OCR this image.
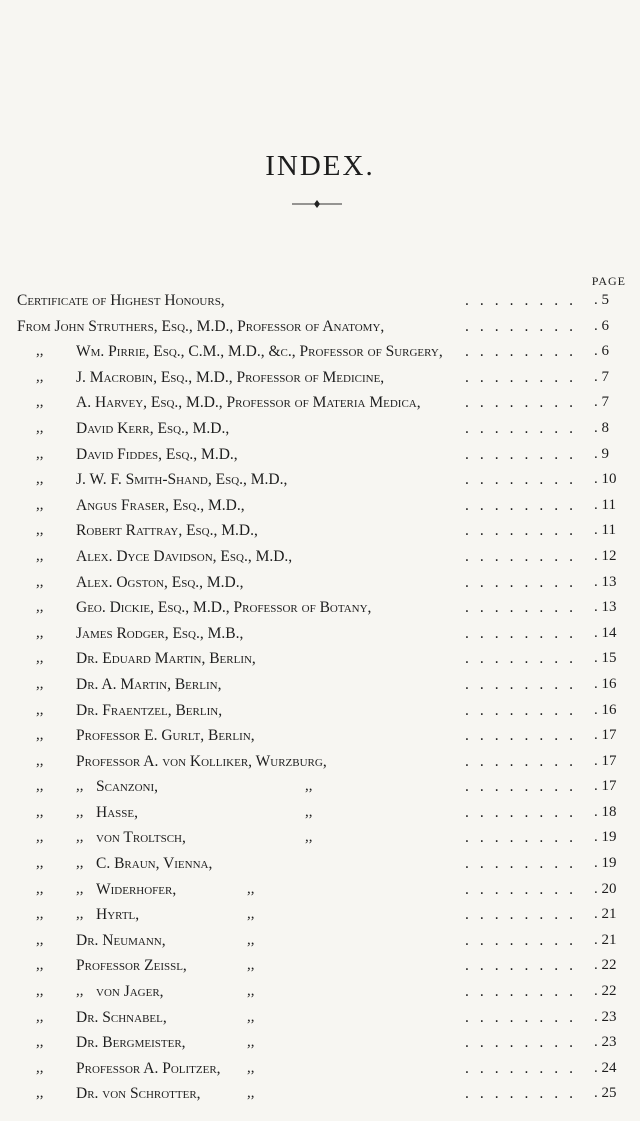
INDEX.
PAGE
Certificate of Highest Honours,	........ . 5
From John Struthers, Esq., M.D., Professor of Anatomy,	........ . 6
,, Wm. Pirrie, Esq., C.M., M.D., &c., Professor of Surgery, ........ . 6
,, J. Macrobin, Esq., M.D., Professor of Medicine,	........ . 7
,, A. Harvey, Esq., M.D., Professor of Materia Medica,	........ . 7
,, David Kerr, Esq., M.D.,	........ . 8
,, David Fiddes, Esq., M.D.,	........ . 9
,, J. W. F. Smith-Shand, Esq., M.D.,	........ . 10
,, Angus Fraser, Esq., M.D.,	........ . 11
,, Robert Rattray, Esq., M.D.,	........ . 11
,, Alex. Dyce Davidson, Esq., M.D.,	........ . 12
,, Alex. Ogston, Esq., M.D.,	........ . 13
,, Geo. Dickie, Esq., M.D., Professor of Botany,	........ . 13
,, James Rodger, Esq., M.B.,	........ . 14
,, Dr. Eduard Martin, Berlin,	........ . 15
,, Dr. A. Martin, Berlin,	........ . 16
,, Dr. Fraentzel, Berlin,	........ . 16
,, Professor E. Gurlt, Berlin,	........ . 17
,, Professor A. von Kolliker, Wurzburg,	........ . 17
,, ,, Scanzoni,	,,	........ . 17
,, ,, Hasse,	,,	........ . 18
,, ,, von Troltsch,	,,	........ . 19
,, ,, C. Braun, Vienna,	........ . 19
,, ,, Widerhofer,	,,	........ . 20
,, ,, Hyrtl,	,,	........ . 21
,, Dr. Neumann,	,,	........ . 21
,, Professor Zeissl,	,,	........ . 22
,, ,, von Jager,	,,	........ . 22
,, Dr. Schnabel,	,,	........ . 23
,, Dr. Bergmeister,	,,	........ . 23
,, Professor A. Politzer, ,,	........ . 24
,, Dr. von Schrotter,	,,	........ . 25
